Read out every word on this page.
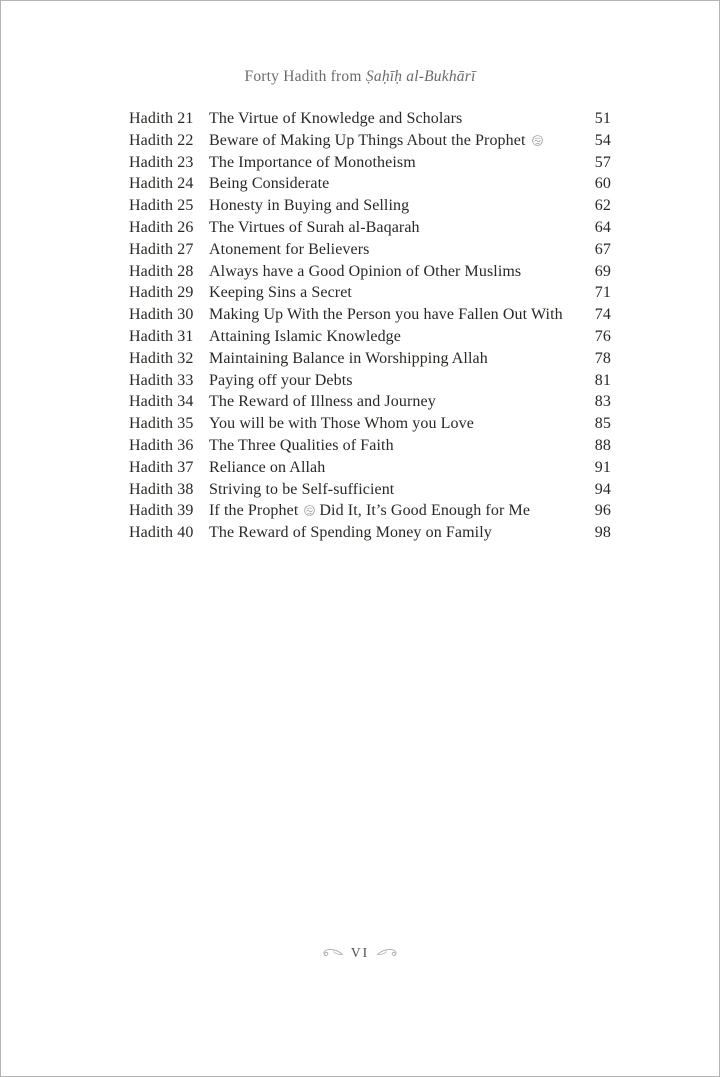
Forty Hadith from Ṣaḥīḥ al-Bukhārī
Hadith 21 The Virtue of Knowledge and Scholars	51
Hadith 22 Beware of Making Up Things About the Prophet	54
Hadith 23 The Importance of Monotheism	57
Hadith 24 Being Considerate	60
Hadith 25 Honesty in Buying and Selling	62
Hadith 26 The Virtues of Surah al-Baqarah	64
Hadith 27 Atonement for Believers	67
Hadith 28 Always have a Good Opinion of Other Muslims	69
Hadith 29 Keeping Sins a Secret	71
Hadith 30 Making Up With the Person you have Fallen Out With	74
Hadith 31 Attaining Islamic Knowledge	76
Hadith 32 Maintaining Balance in Worshipping Allah	78
Hadith 33 Paying off your Debts	81
Hadith 34 The Reward of Illness and Journey	83
Hadith 35 You will be with Those Whom you Love	85
Hadith 36 The Three Qualities of Faith	88
Hadith 37 Reliance on Allah	91
Hadith 38 Striving to be Self-sufficient	94
Hadith 39 If the Prophet Did It, It’s Good Enough for Me	96
Hadith 40 The Reward of Spending Money on Family	98
VI
